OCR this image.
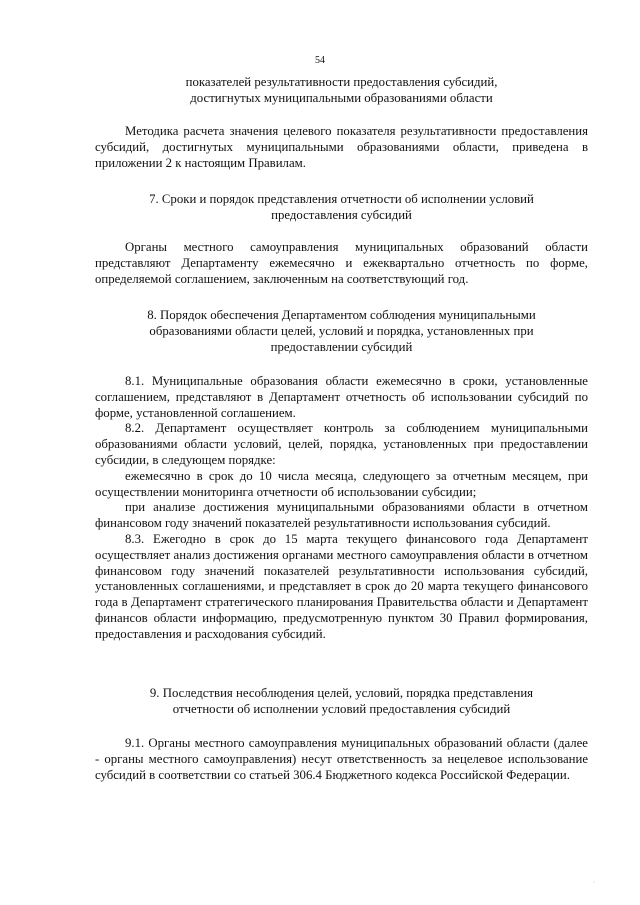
54
показателей результативности предоставления субсидий,
достигнутых муниципальными образованиями области

Методика расчета значения целевого показателя результативности предоставления субсидий, достигнутых муниципальными образованиями области, приведена в приложении 2 к настоящим Правилам.

7. Сроки и порядок представления отчетности об исполнении условий
предоставления субсидий

Органы местного самоуправления муниципальных образований области представляют Департаменту ежемесячно и ежеквартально отчетность по форме, определяемой соглашением, заключенным на соответствующий год.

8. Порядок обеспечения Департаментом соблюдения муниципальными
образованиями области целей, условий и порядка, установленных при
предоставлении субсидий

8.1. Муниципальные образования области ежемесячно в сроки, установленные соглашением, представляют в Департамент отчетность об использовании субсидий по форме, установленной соглашением.

8.2. Департамент осуществляет контроль за соблюдением муниципальными образованиями области условий, целей, порядка, установленных при предоставлении субсидии, в следующем порядке:

ежемесячно в срок до 10 числа месяца, следующего за отчетным месяцем, при осуществлении мониторинга отчетности об использовании субсидии;

при анализе достижения муниципальными образованиями области в отчетном финансовом году значений показателей результативности использования субсидий.

8.3. Ежегодно в срок до 15 марта текущего финансового года Департамент осуществляет анализ достижения органами местного самоуправления области в отчетном финансовом году значений показателей результативности использования субсидий, установленных соглашениями, и представляет в срок до 20 марта текущего финансового года в Департамент стратегического планирования Правительства области и Департамент финансов области информацию, предусмотренную пунктом 30 Правил формирования, предоставления и расходования субсидий.

9. Последствия несоблюдения целей, условий, порядка представления
отчетности об исполнении условий предоставления субсидий

9.1. Органы местного самоуправления муниципальных образований области (далее - органы местного самоуправления) несут ответственность за нецелевое использование субсидий в соответствии со статьей 306.4 Бюджетного кодекса Российской Федерации.

·
